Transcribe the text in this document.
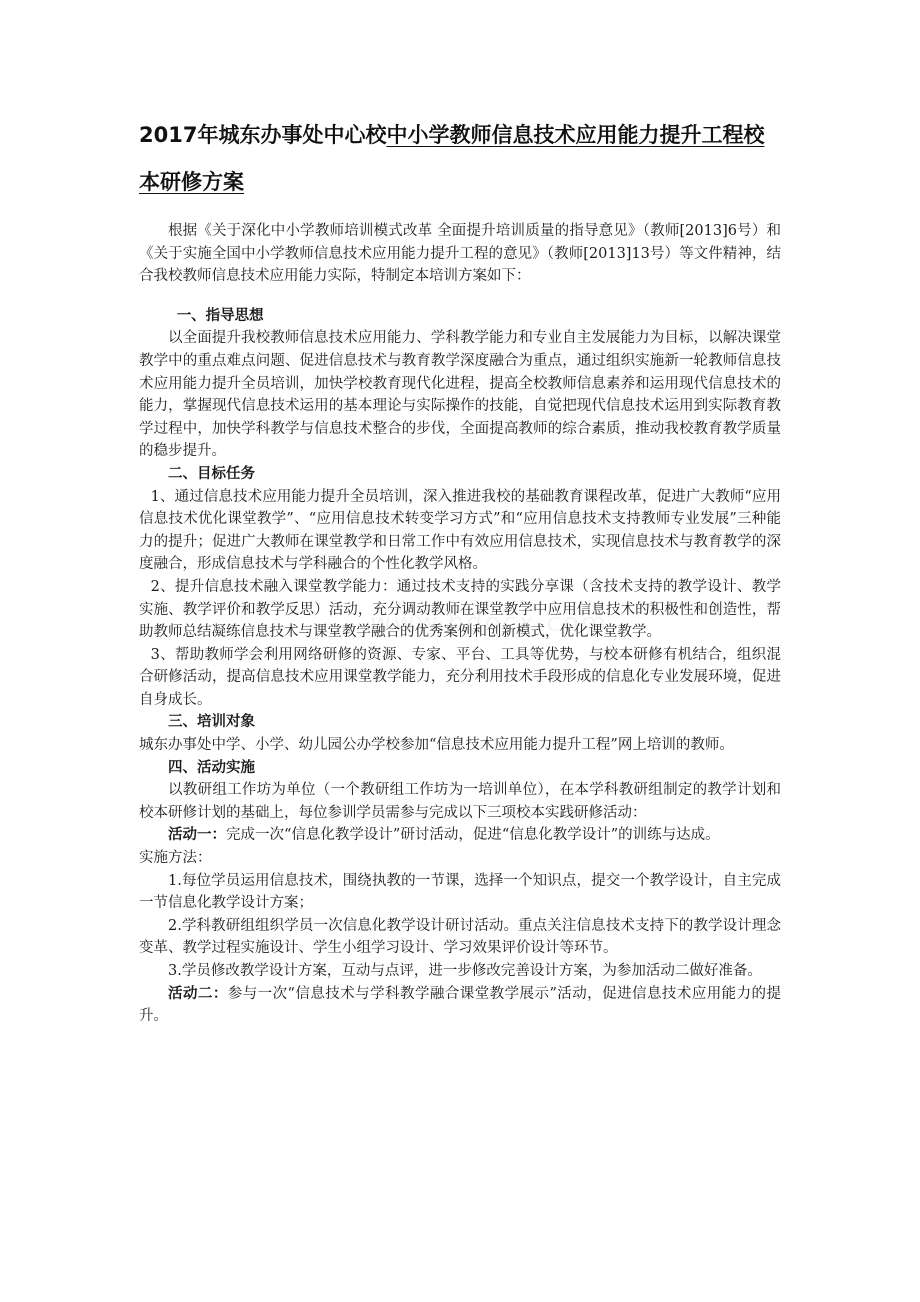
2017年城东办事处中心校中小学教师信息技术应用能力提升工程校本研修方案

根据《关于深化中小学教师培训模式改革 全面提升培训质量的指导意见》（教师[2013]6号）和《关于实施全国中小学教师信息技术应用能力提升工程的意见》（教师[2013]13号）等文件精神，结合我校教师信息技术应用能力实际，特制定本培训方案如下：

一、指导思想

以全面提升我校教师信息技术应用能力、学科教学能力和专业自主发展能力为目标，以解决课堂教学中的重点难点问题、促进信息技术与教育教学深度融合为重点，通过组织实施新一轮教师信息技术应用能力提升全员培训，加快学校教育现代化进程，提高全校教师信息素养和运用现代信息技术的能力，掌握现代信息技术运用的基本理论与实际操作的技能，自觉把现代信息技术运用到实际教育教学过程中，加快学科教学与信息技术整合的步伐，全面提高教师的综合素质，推动我校教育教学质量的稳步提升。

二、目标任务

1、通过信息技术应用能力提升全员培训，深入推进我校的基础教育课程改革，促进广大教师“应用信息技术优化课堂教学”、“应用信息技术转变学习方式”和“应用信息技术支持教师专业发展”三种能力的提升；促进广大教师在课堂教学和日常工作中有效应用信息技术，实现信息技术与教育教学的深度融合，形成信息技术与学科融合的个性化教学风格。

2、提升信息技术融入课堂教学能力：通过技术支持的实践分享课（含技术支持的教学设计、教学实施、教学评价和教学反思）活动，充分调动教师在课堂教学中应用信息技术的积极性和创造性，帮助教师总结凝练信息技术与课堂教学融合的优秀案例和创新模式，优化课堂教学。

3、帮助教师学会利用网络研修的资源、专家、平台、工具等优势，与校本研修有机结合，组织混合研修活动，提高信息技术应用课堂教学能力，充分利用技术手段形成的信息化专业发展环境，促进自身成长。

三、培训对象

城东办事处中学、小学、幼儿园公办学校参加“信息技术应用能力提升工程”网上培训的教师。

四、活动实施

以教研组工作坊为单位（一个教研组工作坊为一培训单位），在本学科教研组制定的教学计划和校本研修计划的基础上，每位参训学员需参与完成以下三项校本实践研修活动：

活动一：完成一次“信息化教学设计”研讨活动，促进“信息化教学设计”的训练与达成。

实施方法：

1.每位学员运用信息技术，围绕执教的一节课，选择一个知识点，提交一个教学设计，自主完成一节信息化教学设计方案；

2.学科教研组组织学员一次信息化教学设计研讨活动。重点关注信息技术支持下的教学设计理念变革、教学过程实施设计、学生小组学习设计、学习效果评价设计等环节。

3.学员修改教学设计方案，互动与点评，进一步修改完善设计方案，为参加活动二做好准备。

活动二：参与一次“信息技术与学科教学融合课堂教学展示”活动，促进信息技术应用能力的提升。
